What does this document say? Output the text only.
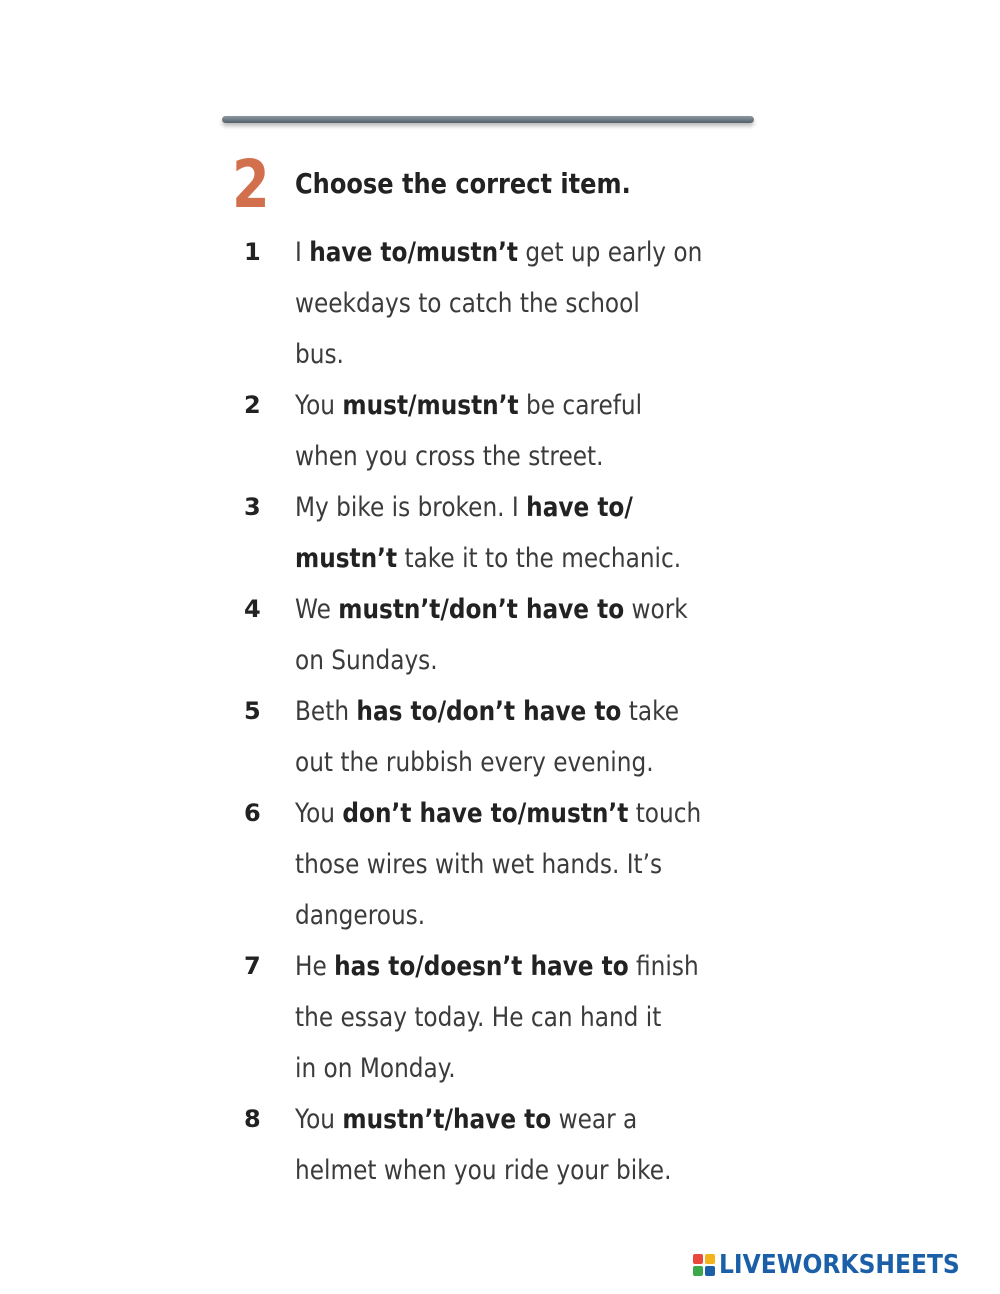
2 Choose the correct item.
1 I have to/mustn’t get up early on
weekdays to catch the school
bus.
2 You must/mustn’t be careful
when you cross the street.
3 My bike is broken. I have to/
mustn’t take it to the mechanic.
4 We mustn’t/don’t have to work
on Sundays.
5 Beth has to/don’t have to take
out the rubbish every evening.
6 You don’t have to/mustn’t touch
those wires with wet hands. It’s
dangerous.
7 He has to/doesn’t have to finish
the essay today. He can hand it
in on Monday.
8 You mustn’t/have to wear a
helmet when you ride your bike.
LIVEWORKSHEETS
